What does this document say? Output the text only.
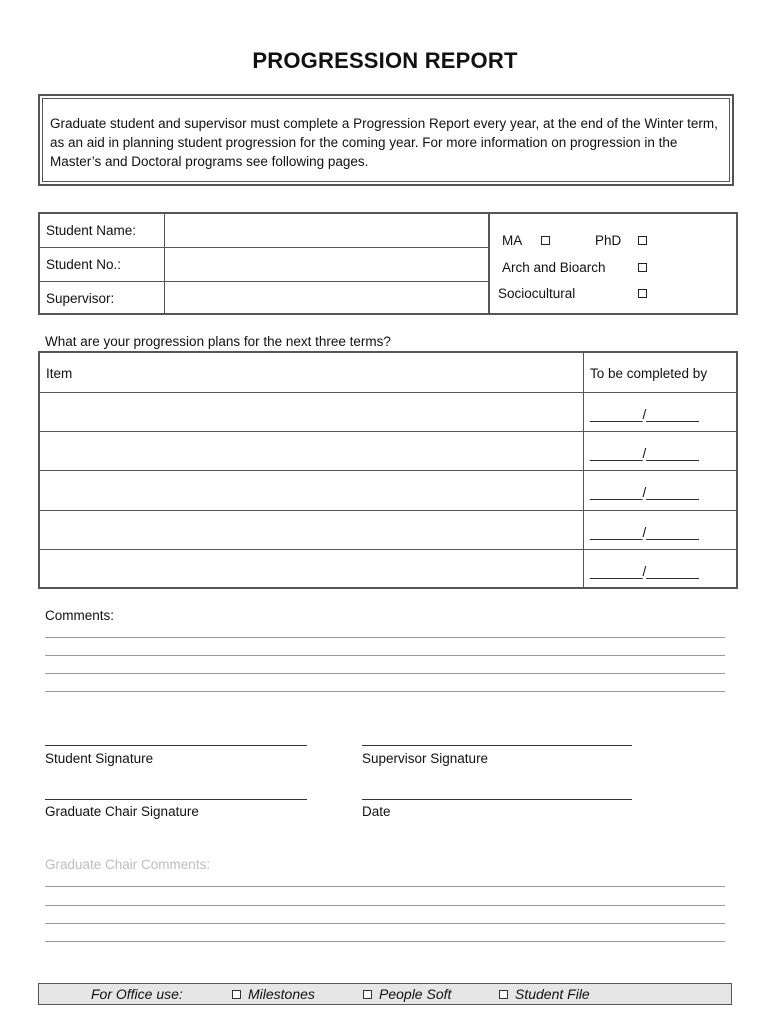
PROGRESSION REPORT
Graduate student and supervisor must complete a Progression Report every year, at the end of the Winter term, as an aid in planning student progression for the coming year. For more information on progression in the Master’s and Doctoral programs see following pages.
Student Name:
Student No.:
Supervisor:
MA	PhD
Arch and Bioarch
Sociocultural
What are your progression plans for the next three terms?
Item	To be completed by
_______/_______
_______/_______
_______/_______
_______/_______
_______/_______
Comments:
Student Signature	Supervisor Signature
Graduate Chair Signature	Date
Graduate Chair Comments:
For Office use:	Milestones	People Soft	Student File
